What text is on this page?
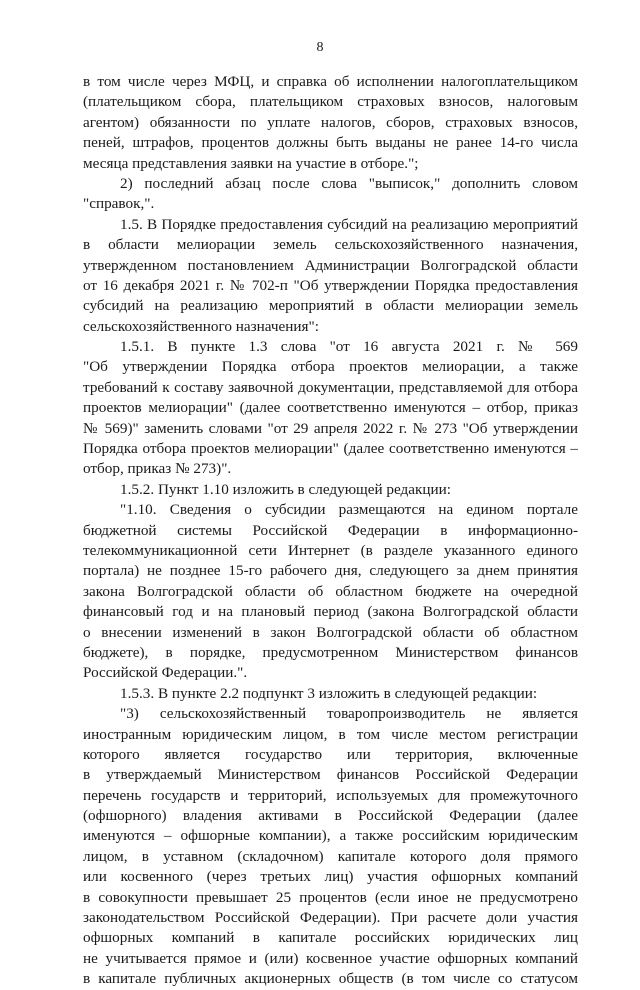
8
в том числе через МФЦ, и справка об исполнении налогоплательщиком
(плательщиком сбора, плательщиком страховых взносов, налоговым
агентом) обязанности по уплате налогов, сборов, страховых взносов,
пеней, штрафов, процентов должны быть выданы не ранее 14-го числа
месяца представления заявки на участие в отборе.";
2) последний абзац после слова "выписок," дополнить словом
"справок,".
1.5. В Порядке предоставления субсидий на реализацию мероприятий
в области мелиорации земель сельскохозяйственного назначения,
утвержденном постановлением Администрации Волгоградской области
от 16 декабря 2021 г. № 702-п "Об утверждении Порядка предоставления
субсидий на реализацию мероприятий в области мелиорации земель
сельскохозяйственного назначения":
1.5.1. В пункте 1.3 слова "от 16 августа 2021 г. № 569
"Об утверждении Порядка отбора проектов мелиорации, а также
требований к составу заявочной документации, представляемой для отбора
проектов мелиорации" (далее соответственно именуются – отбор, приказ
№ 569)" заменить словами "от 29 апреля 2022 г. № 273 "Об утверждении
Порядка отбора проектов мелиорации" (далее соответственно именуются –
отбор, приказ № 273)".
1.5.2. Пункт 1.10 изложить в следующей редакции:
"1.10. Сведения о субсидии размещаются на едином портале
бюджетной системы Российской Федерации в информационно-
телекоммуникационной сети Интернет (в разделе указанного единого
портала) не позднее 15-го рабочего дня, следующего за днем принятия
закона Волгоградской области об областном бюджете на очередной
финансовый год и на плановый период (закона Волгоградской области
о внесении изменений в закон Волгоградской области об областном
бюджете), в порядке, предусмотренном Министерством финансов
Российской Федерации.".
1.5.3. В пункте 2.2 подпункт 3 изложить в следующей редакции:
"3) сельскохозяйственный товаропроизводитель не является
иностранным юридическим лицом, в том числе местом регистрации
которого является государство или территория, включенные
в утверждаемый Министерством финансов Российской Федерации
перечень государств и территорий, используемых для промежуточного
(офшорного) владения активами в Российской Федерации (далее
именуются – офшорные компании), а также российским юридическим
лицом, в уставном (складочном) капитале которого доля прямого
или косвенного (через третьих лиц) участия офшорных компаний
в совокупности превышает 25 процентов (если иное не предусмотрено
законодательством Российской Федерации). При расчете доли участия
офшорных компаний в капитале российских юридических лиц
не учитывается прямое и (или) косвенное участие офшорных компаний
в капитале публичных акционерных обществ (в том числе со статусом
